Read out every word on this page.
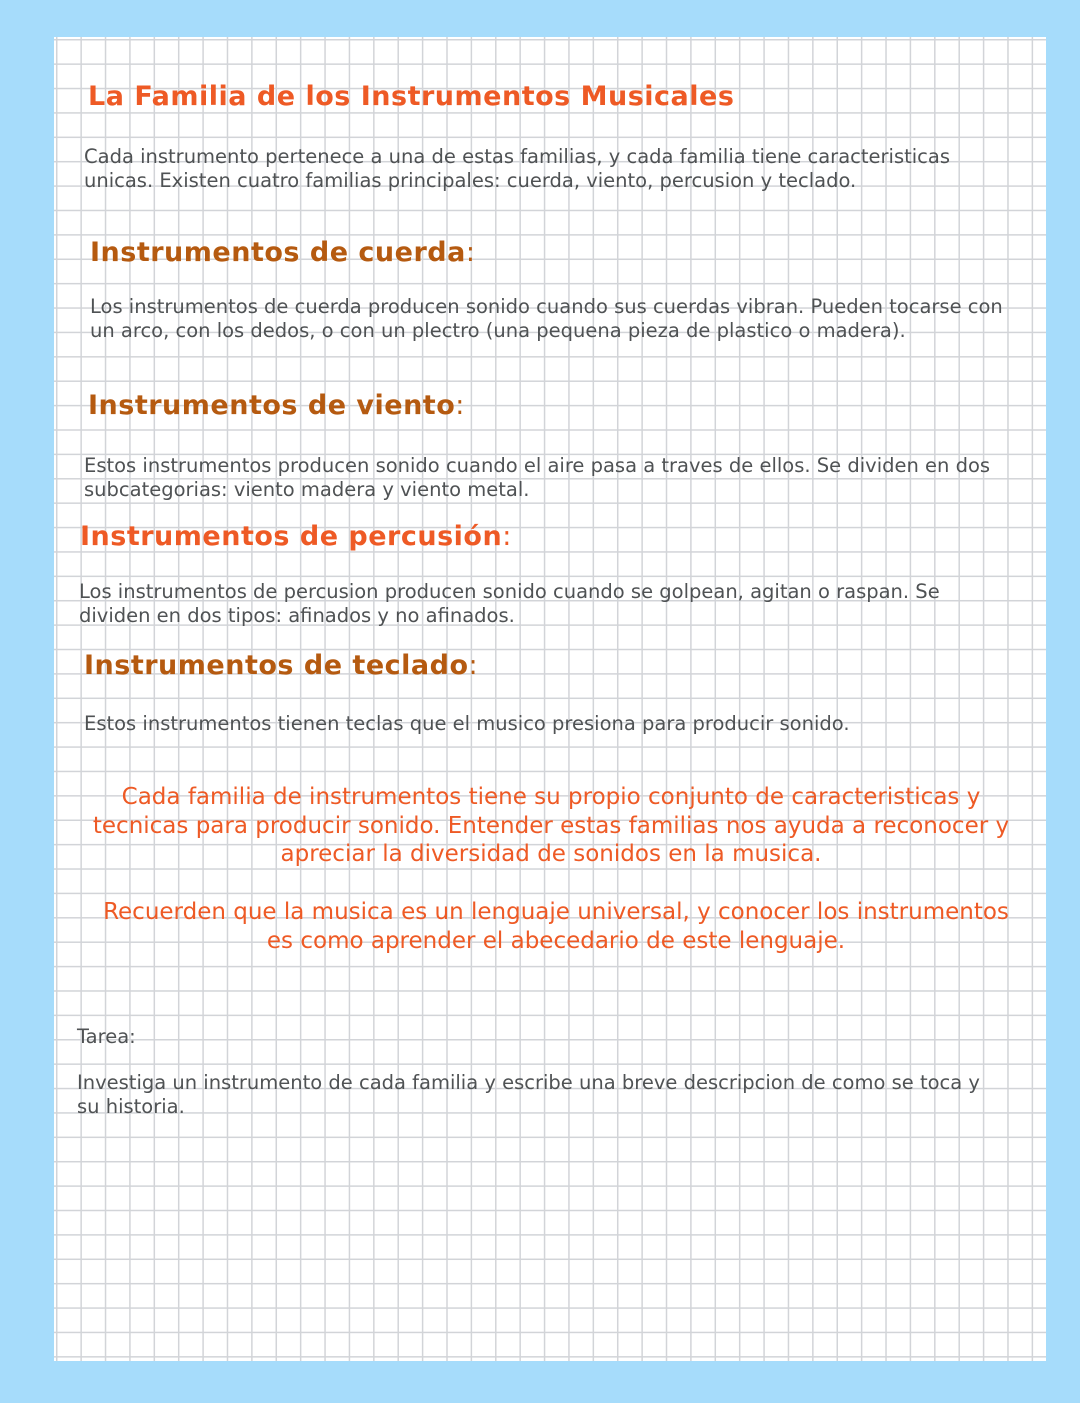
La Familia de los Instrumentos Musicales

Cada instrumento pertenece a una de estas familias, y cada familia tiene caracteristicas unicas. Existen cuatro familias principales: cuerda, viento, percusion y teclado.

Instrumentos de cuerda:

Los instrumentos de cuerda producen sonido cuando sus cuerdas vibran. Pueden tocarse con un arco, con los dedos, o con un plectro (una pequena pieza de plastico o madera).

Instrumentos de viento:

Estos instrumentos producen sonido cuando el aire pasa a traves de ellos. Se dividen en dos subcategorias: viento madera y viento metal.

Instrumentos de percusión:

Los instrumentos de percusion producen sonido cuando se golpean, agitan o raspan. Se dividen en dos tipos: afinados y no afinados.

Instrumentos de teclado:

Estos instrumentos tienen teclas que el musico presiona para producir sonido.

Cada familia de instrumentos tiene su propio conjunto de caracteristicas y tecnicas para producir sonido. Entender estas familias nos ayuda a reconocer y apreciar la diversidad de sonidos en la musica.

Recuerden que la musica es un lenguaje universal, y conocer los instrumentos es como aprender el abecedario de este lenguaje.

Tarea:

Investiga un instrumento de cada familia y escribe una breve descripcion de como se toca y su historia.
